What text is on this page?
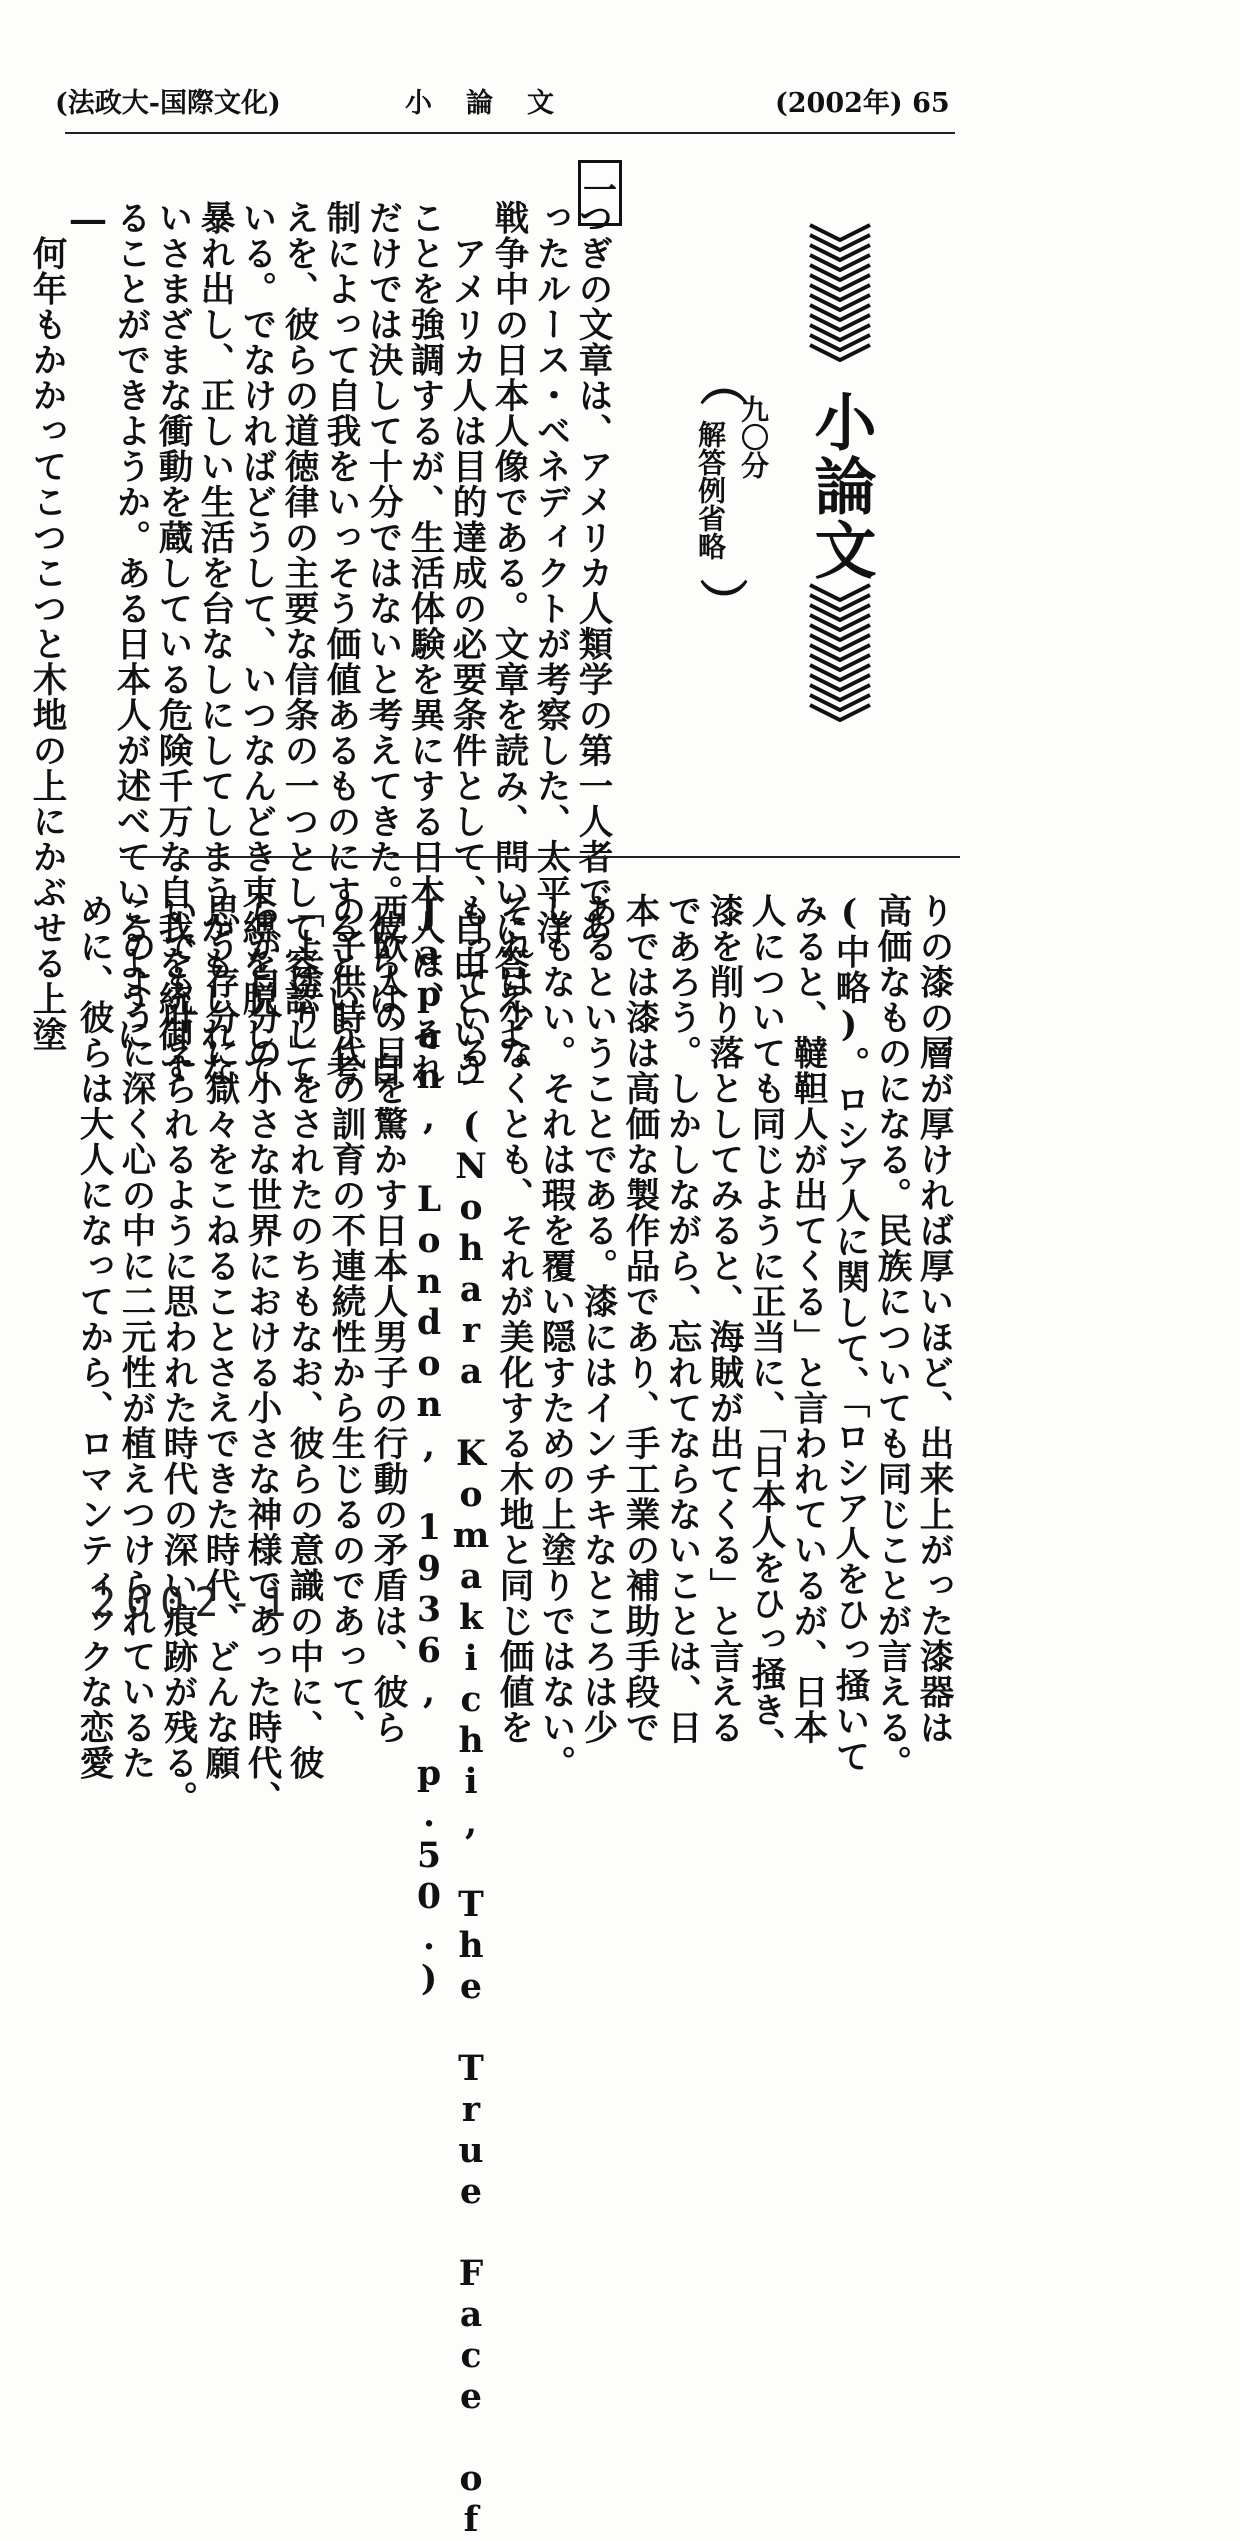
(法政大-国際文化)	小論文	(2002年) 65
小論文
︵
九〇分
解答例省略
︶
一
つぎの文章は、アメリカ人類学の第一人者であ
ったルース・ベネディクトが考察した、太平洋
戦争中の日本人像である。文章を読み、問いに答えよ。
　アメリカ人は目的達成の必要条件として、自由という
ことを強調するが、生活体験を異にする日本人は、それ
だけでは決して十分ではないと考えてきた。彼らは、自
制によって自我をいっそう価値あるものにするという考
えを、彼らの道徳律の主要な信条の一つとして容認して
いる。でなければどうして、いつなんどき束縛を脱して
暴れ出し、正しい生活を台なしにしてしまうかもしれな
いさまざまな衝動を蔵している危険千万な自我を統御す
ることができようか。ある日本人が述べているように
―
　何年もかかってこつこつと木地の上にかぶせる上塗
りの漆の層が厚ければ厚いほど、出来上がった漆器は
高価なものになる。民族についても同じことが言える。
(中略)。ロシア人に関して、「ロシア人をひっ掻いて
みると、韃靼人が出てくる」と言われているが、日本
人についても同じように正当に、「日本人をひっ掻き、
漆を削り落としてみると、海賊が出てくる」と言える
であろう。しかしながら、忘れてならないことは、日
本では漆は高価な製作品であり、手工業の補助手段で
あるということである。漆にはインチキなところは少
しもない。それは瑕を覆い隠すための上塗りではない。
それは少なくとも、それが美化する木地と同じ価値を
もっている」(Nohara Komakichi, The True Face of
Japan, London, 1936, p.50.)
西欧人の目を驚かす日本人男子の行動の矛盾は、彼ら
の子供時代の訓育の不連続性から生じるのであって、
「上塗り」をされたのちもなお、彼らの意識の中に、彼
らが自分の小さな世界における小さな神様であった時代、
思う存分に獄々をこねることさえできた時代、どんな願
いでも叶えられるように思われた時代の深い痕跡が残る。
このように深く心の中に二元性が植えつけられているた
めに、彼らは大人になってから、ロマンティックな恋愛
2002-1
